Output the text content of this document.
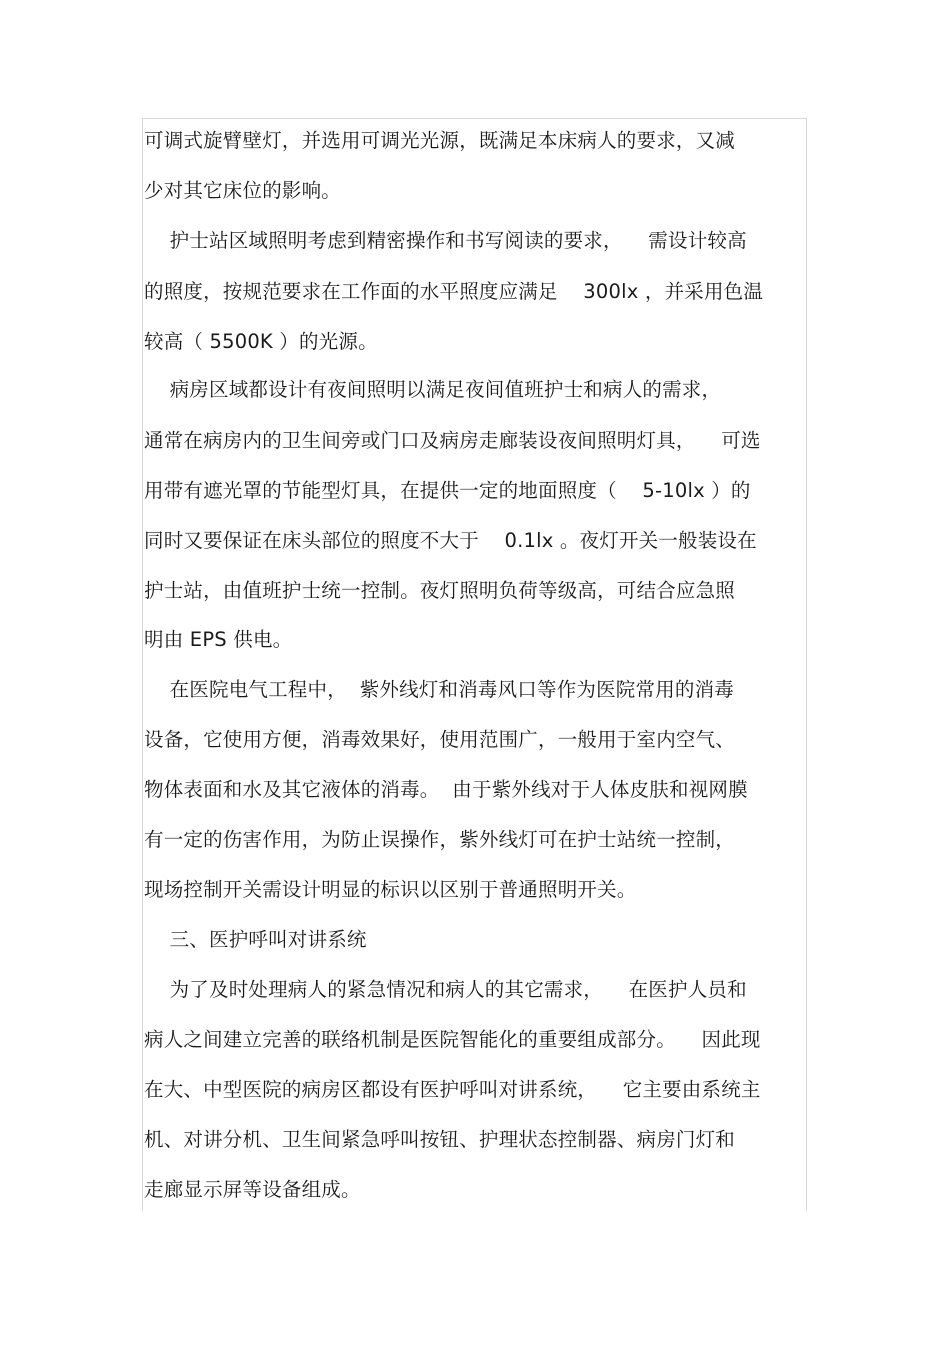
可调式旋臂壁灯，并选用可调光光源，既满足本床病人的要求，又减
少对其它床位的影响。
护士站区域照明考虑到精密操作和书写阅读的要求，    需设计较高
的照度，按规范要求在工作面的水平照度应满足    300lx ，并采用色温
较高（ 5500K ）的光源。
病房区域都设计有夜间照明以满足夜间值班护士和病人的需求，
通常在病房内的卫生间旁或门口及病房走廊装设夜间照明灯具，    可选
用带有遮光罩的节能型灯具，在提供一定的地面照度（    5-10lx ）的
同时又要保证在床头部位的照度不大于    0.1lx 。夜灯开关一般装设在
护士站，由值班护士统一控制。夜灯照明负荷等级高，可结合应急照
明由 EPS 供电。
在医院电气工程中，  紫外线灯和消毒风口等作为医院常用的消毒
设备，它使用方便，消毒效果好，使用范围广，一般用于室内空气、
物体表面和水及其它液体的消毒。  由于紫外线对于人体皮肤和视网膜
有一定的伤害作用，为防止误操作，紫外线灯可在护士站统一控制，
现场控制开关需设计明显的标识以区别于普通照明开关。
三、医护呼叫对讲系统
为了及时处理病人的紧急情况和病人的其它需求，    在医护人员和
病人之间建立完善的联络机制是医院智能化的重要组成部分。    因此现
在大、中型医院的病房区都设有医护呼叫对讲系统，    它主要由系统主
机、对讲分机、卫生间紧急呼叫按钮、护理状态控制器、病房门灯和
走廊显示屏等设备组成。
